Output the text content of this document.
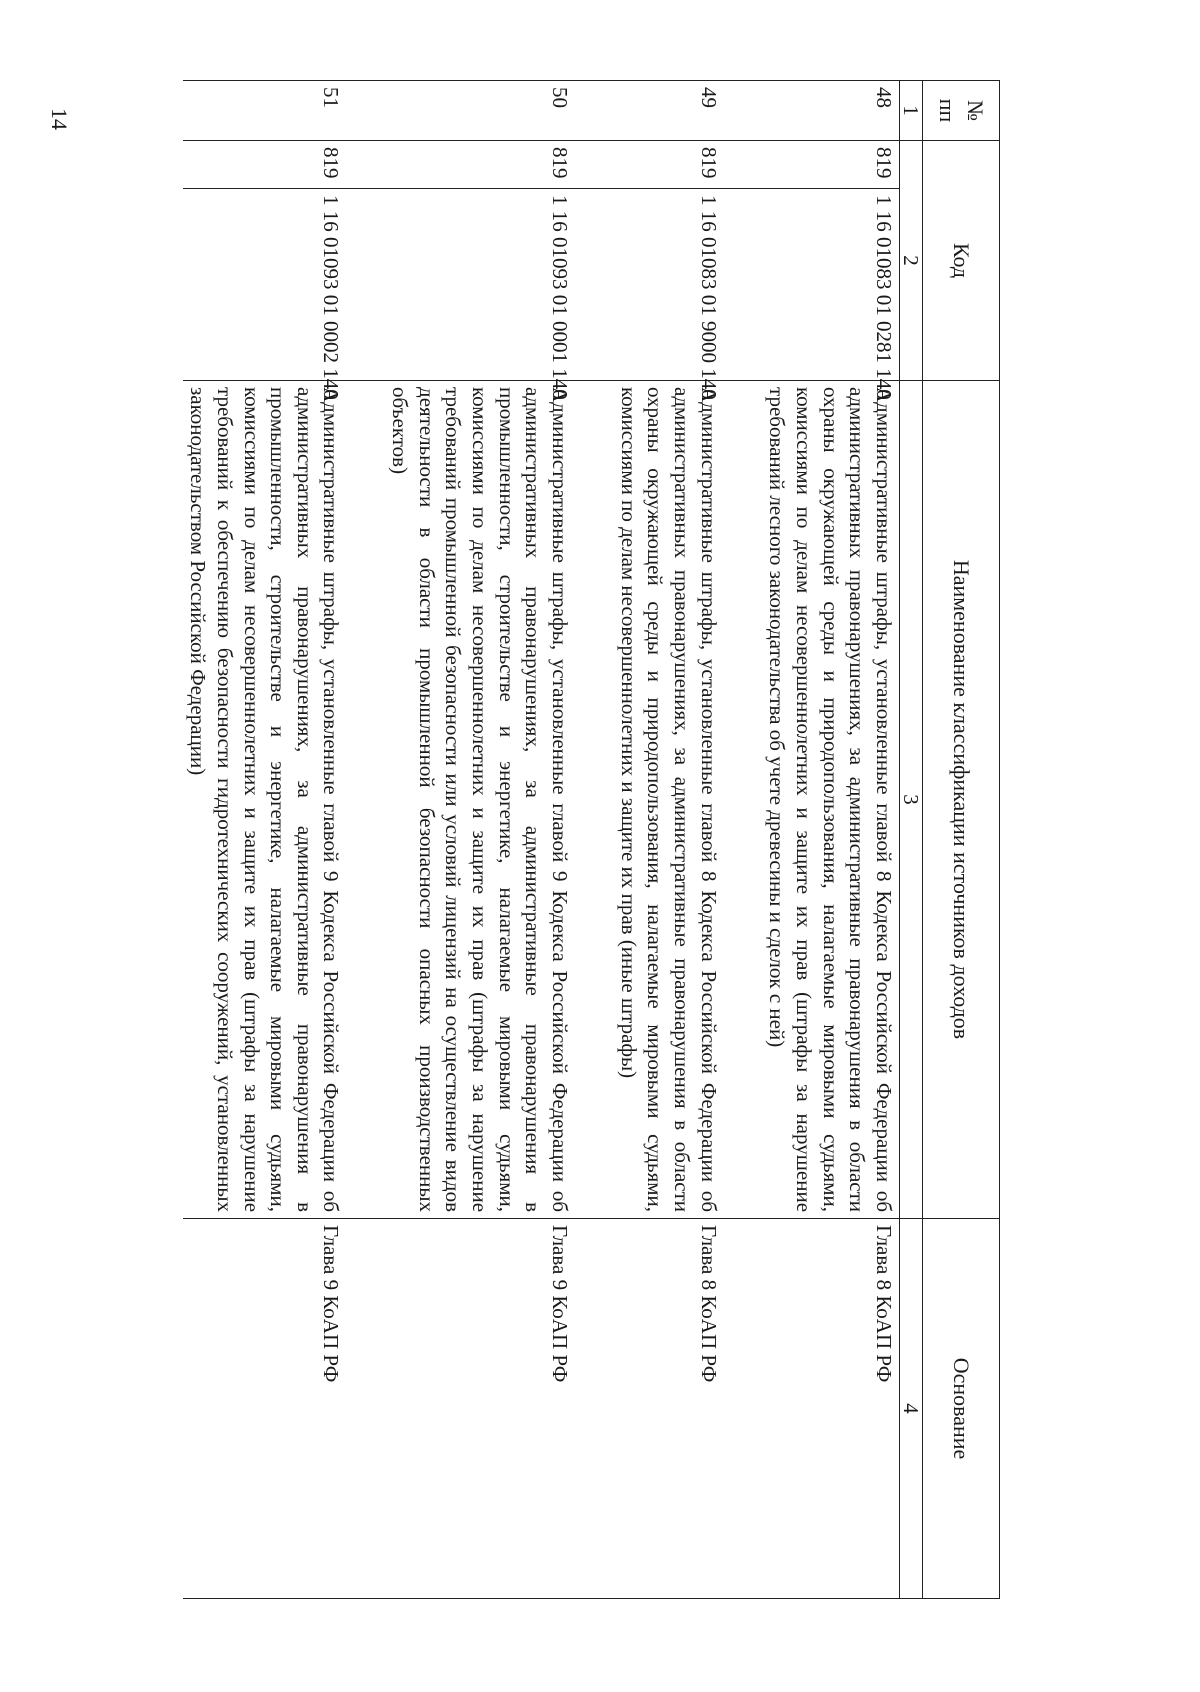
14	№ пп	Код		Наименование классификации источников доходов	Основание
1	2		3	4
48	819	1 16 01083 01 0281 140	Административные штрафы, установленные главой 8 Кодекса Российской Федерации об административных правонарушениях, за административные правонарушения в области охраны окружающей среды и природопользования, налагаемые мировыми судьями, комиссиями по делам несовершеннолетних и защите их прав (штрафы за нарушение требований лесного законодательства об учете древесины и сделок с ней)	Глава 8 КоАП РФ
49	819	1 16 01083 01 9000 140	Административные штрафы, установленные главой 8 Кодекса Российской Федерации об административных правонарушениях, за административные правонарушения в области охраны окружающей среды и природопользования, налагаемые мировыми судьями, комиссиями по делам несовершеннолетних и защите их прав (иные штрафы)	Глава 8 КоАП РФ
50	819	1 16 01093 01 0001 140	Административные штрафы, установленные главой 9 Кодекса Российской Федерации об административных правонарушениях, за административные правонарушения в промышленности, строительстве и энергетике, налагаемые мировыми судьями, комиссиями по делам несовершеннолетних и защите их прав (штрафы за нарушение требований промышленной безопасности или условий лицензий на осуществление видов деятельности в области промышленной безопасности опасных производственных объектов)	Глава 9 КоАП РФ
51	819	1 16 01093 01 0002 140	Административные штрафы, установленные главой 9 Кодекса Российской Федерации об административных правонарушениях, за административные правонарушения в промышленности, строительстве и энергетике, налагаемые мировыми судьями, комиссиями по делам несовершеннолетних и защите их прав (штрафы за нарушение требований к обеспечению безопасности гидротехнических сооружений, установленных законодательством Российской Федерации)	Глава 9 КоАП РФ
